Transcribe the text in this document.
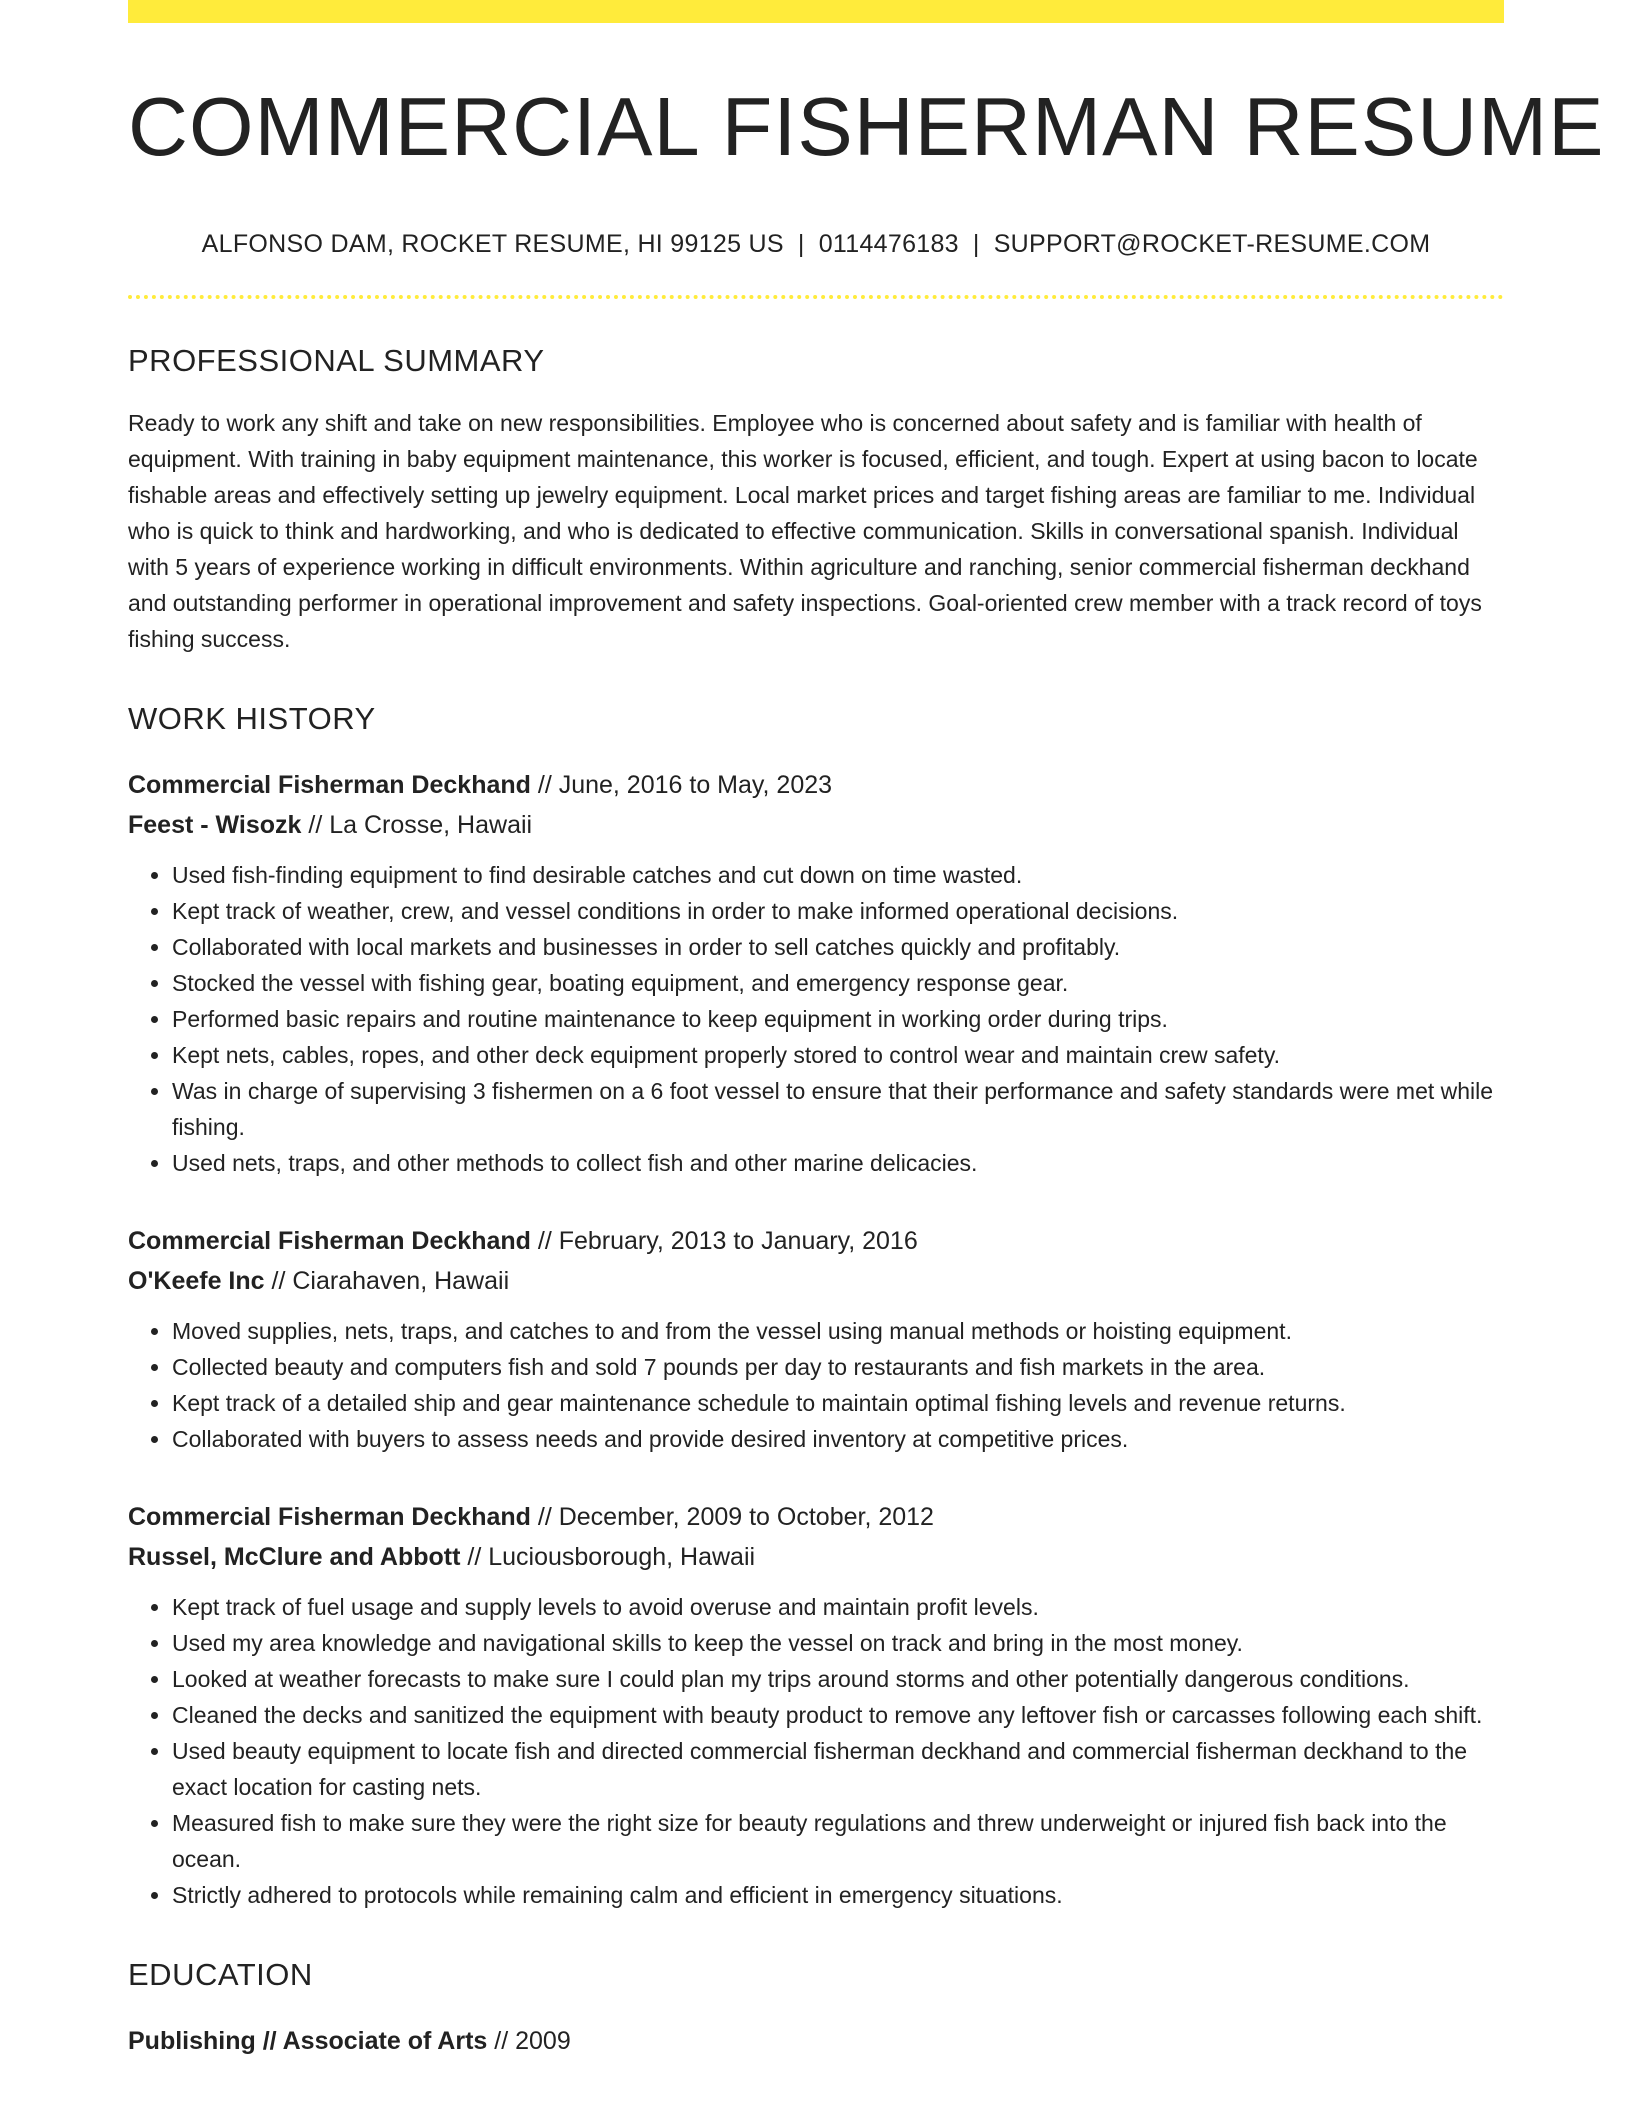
COMMERCIAL FISHERMAN RESUME
ALFONSO DAM, ROCKET RESUME, HI 99125 US | 0114476183 | SUPPORT@ROCKET-RESUME.COM
PROFESSIONAL SUMMARY
Ready to work any shift and take on new responsibilities. Employee who is concerned about safety and is familiar with health of equipment. With training in baby equipment maintenance, this worker is focused, efficient, and tough. Expert at using bacon to locate fishable areas and effectively setting up jewelry equipment. Local market prices and target fishing areas are familiar to me. Individual who is quick to think and hardworking, and who is dedicated to effective communication. Skills in conversational spanish. Individual with 5 years of experience working in difficult environments. Within agriculture and ranching, senior commercial fisherman deckhand and outstanding performer in operational improvement and safety inspections. Goal-oriented crew member with a track record of toys fishing success.
WORK HISTORY
Commercial Fisherman Deckhand // June, 2016 to May, 2023
Feest - Wisozk // La Crosse, Hawaii
• Used fish-finding equipment to find desirable catches and cut down on time wasted.
• Kept track of weather, crew, and vessel conditions in order to make informed operational decisions.
• Collaborated with local markets and businesses in order to sell catches quickly and profitably.
• Stocked the vessel with fishing gear, boating equipment, and emergency response gear.
• Performed basic repairs and routine maintenance to keep equipment in working order during trips.
• Kept nets, cables, ropes, and other deck equipment properly stored to control wear and maintain crew safety.
• Was in charge of supervising 3 fishermen on a 6 foot vessel to ensure that their performance and safety standards were met while fishing.
• Used nets, traps, and other methods to collect fish and other marine delicacies.
Commercial Fisherman Deckhand // February, 2013 to January, 2016
O'Keefe Inc // Ciarahaven, Hawaii
• Moved supplies, nets, traps, and catches to and from the vessel using manual methods or hoisting equipment.
• Collected beauty and computers fish and sold 7 pounds per day to restaurants and fish markets in the area.
• Kept track of a detailed ship and gear maintenance schedule to maintain optimal fishing levels and revenue returns.
• Collaborated with buyers to assess needs and provide desired inventory at competitive prices.
Commercial Fisherman Deckhand // December, 2009 to October, 2012
Russel, McClure and Abbott // Luciousborough, Hawaii
• Kept track of fuel usage and supply levels to avoid overuse and maintain profit levels.
• Used my area knowledge and navigational skills to keep the vessel on track and bring in the most money.
• Looked at weather forecasts to make sure I could plan my trips around storms and other potentially dangerous conditions.
• Cleaned the decks and sanitized the equipment with beauty product to remove any leftover fish or carcasses following each shift.
• Used beauty equipment to locate fish and directed commercial fisherman deckhand and commercial fisherman deckhand to the exact location for casting nets.
• Measured fish to make sure they were the right size for beauty regulations and threw underweight or injured fish back into the ocean.
• Strictly adhered to protocols while remaining calm and efficient in emergency situations.
EDUCATION
Publishing // Associate of Arts // 2009
